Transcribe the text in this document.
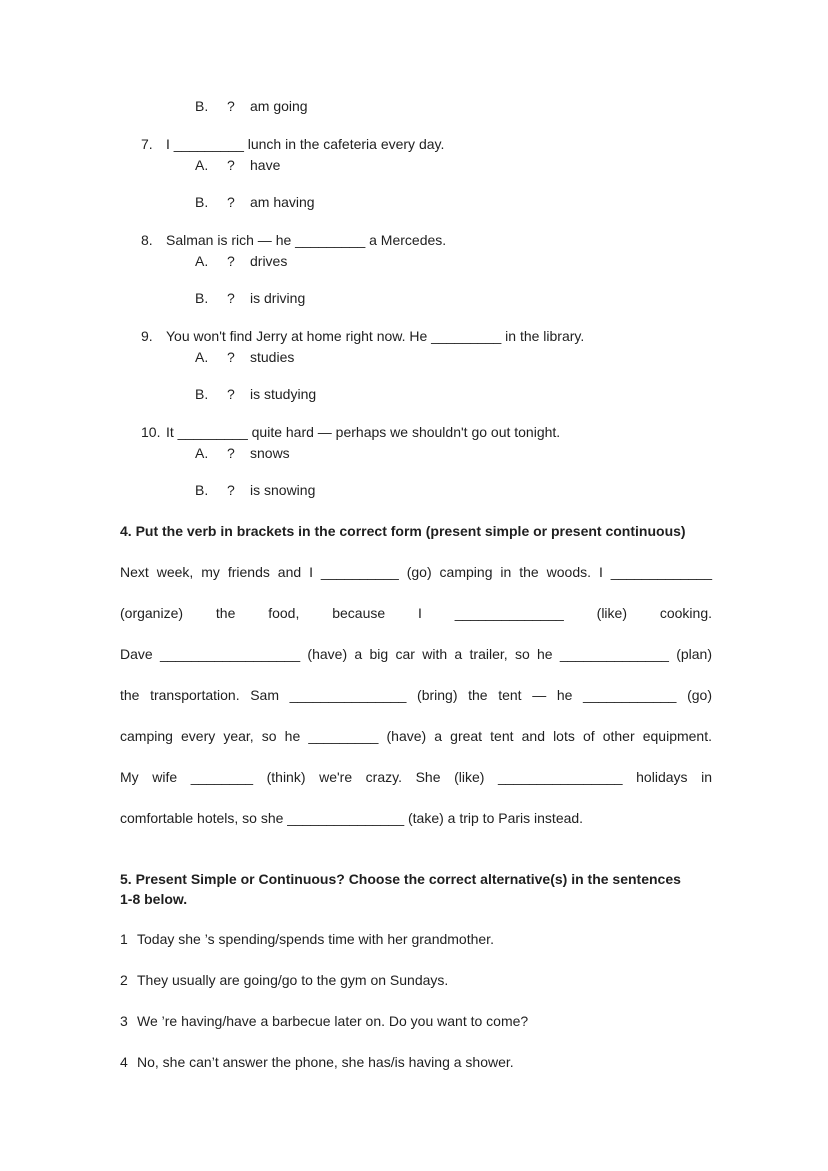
B.	?	am going
7. I _________ lunch in the cafeteria every day.
A.	?	have
B.	?	am having
8. Salman is rich — he _________ a Mercedes.
A.	?	drives
B.	?	is driving
9. You won't find Jerry at home right now. He _________ in the library.
A.	?	studies
B.	?	is studying
10. It _________ quite hard — perhaps we shouldn't go out tonight.
A.	?	snows
B.	?	is snowing
4. Put the verb in brackets in the correct form (present simple or present continuous)
Next week, my friends and I __________ (go) camping in the woods. I _____________
(organize) the food, because I ______________ (like) cooking.
Dave __________________ (have) a big car with a trailer, so he ______________ (plan)
the transportation. Sam _______________ (bring) the tent — he ____________ (go)
camping every year, so he _________ (have) a great tent and lots of other equipment.
My wife ________ (think) we're crazy. She (like) ________________ holidays in
comfortable hotels, so she _______________ (take) a trip to Paris instead.
5. Present Simple or Continuous? Choose the correct alternative(s) in the sentences
1-8 below.
1 Today she ’s spending/spends time with her grandmother.
2 They usually are going/go to the gym on Sundays.
3 We ’re having/have a barbecue later on. Do you want to come?
4 No, she can’t answer the phone, she has/is having a shower.
